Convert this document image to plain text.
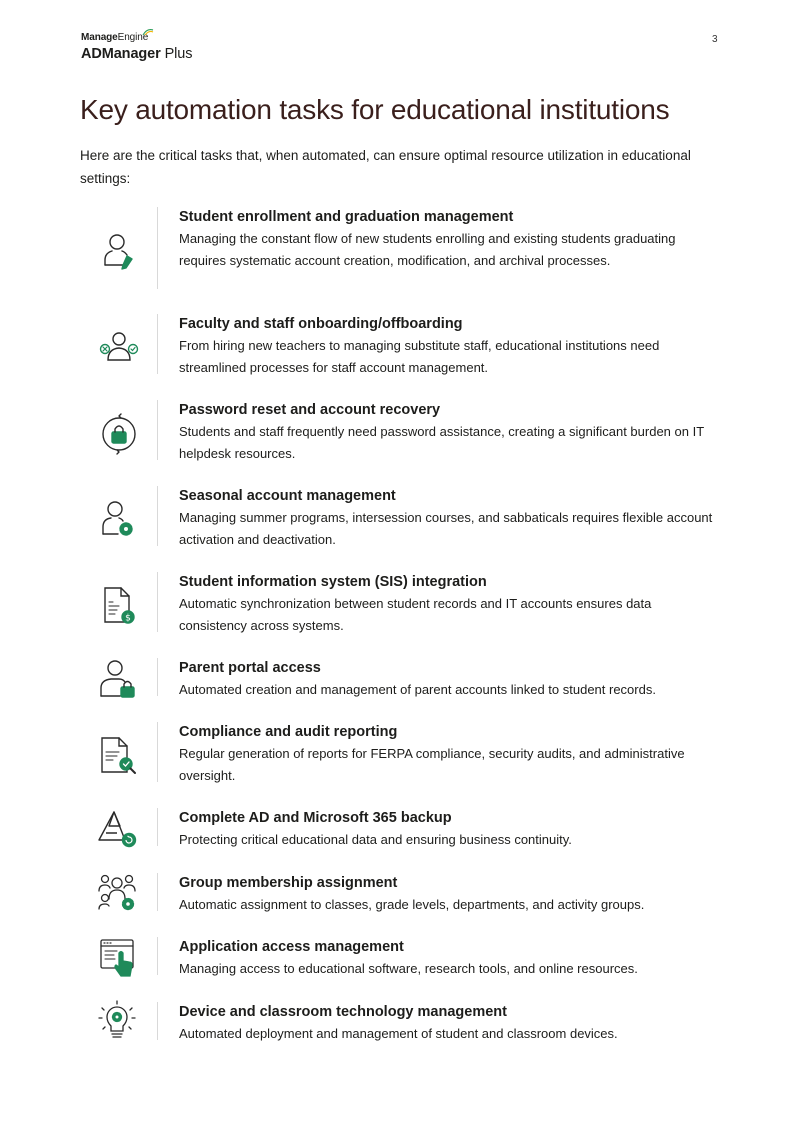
ManageEngine
ADManager Plus
3
Key automation tasks for educational institutions

Here are the critical tasks that, when automated, can ensure optimal resource utilization in educational settings:

Student enrollment and graduation management
Managing the constant flow of new students enrolling and existing students graduating requires systematic account creation, modification, and archival processes.
Faculty and staff onboarding/offboarding
From hiring new teachers to managing substitute staff, educational institutions need streamlined processes for staff account management.
Password reset and account recovery
Students and staff frequently need password assistance, creating a significant burden on IT helpdesk resources.
Seasonal account management
Managing summer programs, intersession courses, and sabbaticals requires flexible account activation and deactivation.
$
Student information system (SIS) integration
Automatic synchronization between student records and IT accounts ensures data consistency across systems.
Parent portal access
Automated creation and management of parent accounts linked to student records.
Compliance and audit reporting
Regular generation of reports for FERPA compliance, security audits, and administrative oversight.
Complete AD and Microsoft 365 backup
Protecting critical educational data and ensuring business continuity.
Group membership assignment
Automatic assignment to classes, grade levels, departments, and activity groups.
Application access management
Managing access to educational software, research tools, and online resources.
Device and classroom technology management
Automated deployment and management of student and classroom devices.
